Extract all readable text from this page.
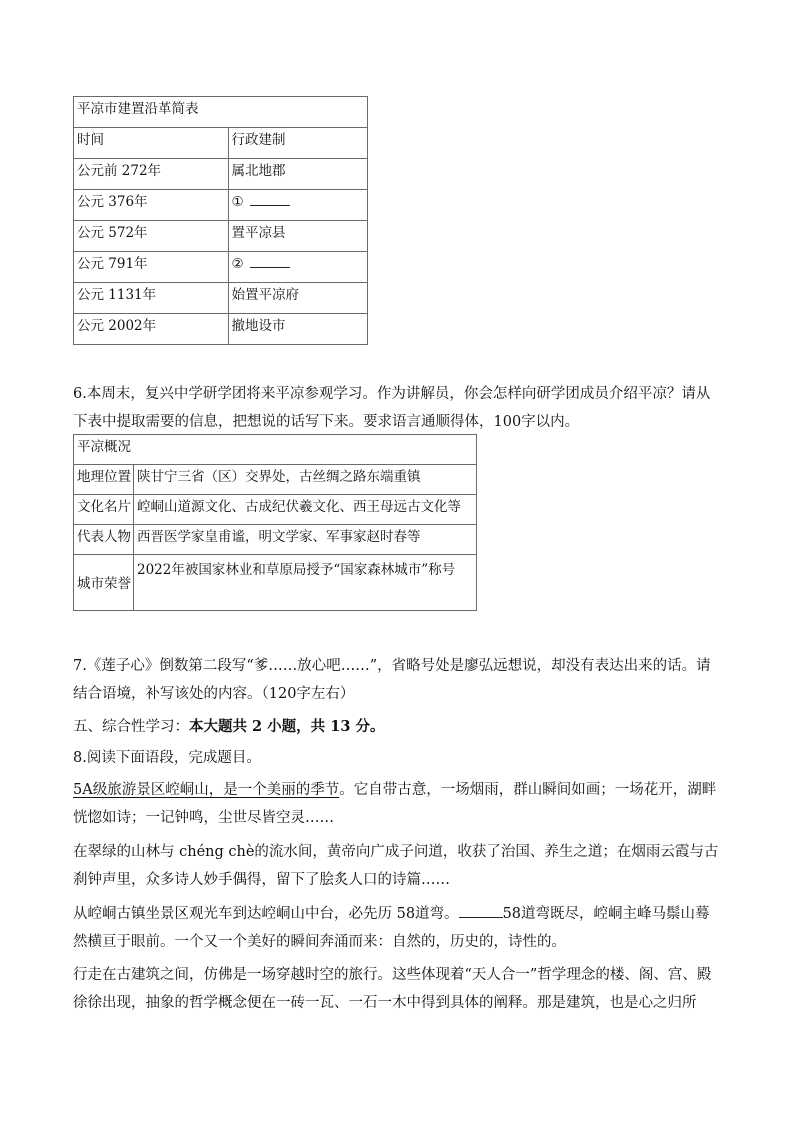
平凉市建置沿革简表	
时间	行政建制
公元前 272年	属北地郡
公元 376年	①
公元 572年	置平凉县
公元 791年	②
公元 1131年	始置平凉府
公元 2002年	撤地设市

6.本周末，复兴中学研学团将来平凉参观学习。作为讲解员，你会怎样向研学团成员介绍平凉？请从下表中提取需要的信息，把想说的话写下来。要求语言通顺得体，100字以内。

平凉概况	
地理位置	陕甘宁三省（区）交界处，古丝绸之路东端重镇
文化名片	崆峒山道源文化、古成纪伏羲文化、西王母远古文化等
代表人物	西晋医学家皇甫谧，明文学家、军事家赵时春等
城市荣誉	2022年被国家林业和草原局授予“国家森林城市”称号

7.《莲子心》倒数第二段写“爹……放心吧……”，省略号处是廖弘远想说，却没有表达出来的话。请结合语境，补写该处的内容。（120字左右）

五、综合性学习：本大题共 2 小题，共 13 分。

8.阅读下面语段，完成题目。

5A级旅游景区崆峒山，是一个美丽的季节。它自带古意，一场烟雨，群山瞬间如画；一场花开，湖畔恍惚如诗；一记钟鸣，尘世尽皆空灵……

在翠绿的山林与 chéng chè的流水间，黄帝向广成子问道，收获了治国、养生之道；在烟雨云霞与古刹钟声里，众多诗人妙手偶得，留下了脍炙人口的诗篇……

从崆峒古镇坐景区观光车到达崆峒山中台，必先历 58道弯。	58道弯既尽，崆峒主峰马鬃山蓦然横亘于眼前。一个又一个美好的瞬间奔涌而来：自然的，历史的，诗性的。

行走在古建筑之间，仿佛是一场穿越时空的旅行。这些体现着“天人合一”哲学理念的楼、阁、宫、殿徐徐出现，抽象的哲学概念便在一砖一瓦、一石一木中得到具体的阐释。那是建筑，也是心之归所
